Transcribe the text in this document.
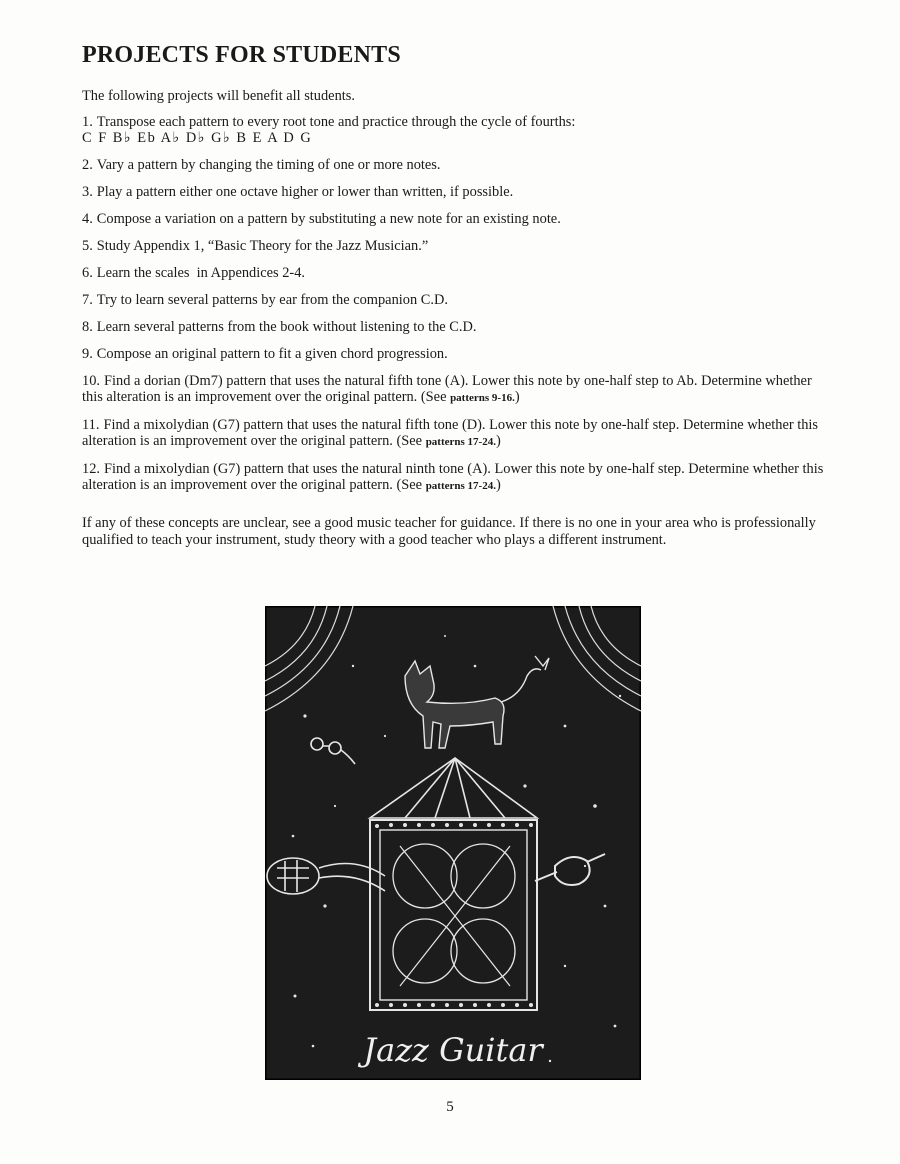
PROJECTS FOR STUDENTS

The following projects will benefit all students.

1. Transpose each pattern to every root tone and practice through the cycle of fourths:
C F B♭ Eb A♭ D♭ G♭ B E A D G

2. Vary a pattern by changing the timing of one or more notes.

3. Play a pattern either one octave higher or lower than written, if possible.

4. Compose a variation on a pattern by substituting a new note for an existing note.

5. Study Appendix 1, “Basic Theory for the Jazz Musician.”

6. Learn the scales  in Appendices 2-4.

7. Try to learn several patterns by ear from the companion C.D.

8. Learn several patterns from the book without listening to the C.D.

9. Compose an original pattern to fit a given chord progression.

10. Find a dorian (Dm7) pattern that uses the natural fifth tone (A). Lower this note by one-half step to Ab. Determine whether this alteration is an improvement over the original pattern. (See patterns 9-16.)

11. Find a mixolydian (G7) pattern that uses the natural fifth tone (D). Lower this note by one-half step. Determine whether this alteration is an improvement over the original pattern. (See patterns 17-24.)

12. Find a mixolydian (G7) pattern that uses the natural ninth tone (A). Lower this note by one-half step. Determine whether this alteration is an improvement over the original pattern. (See patterns 17-24.)

If any of these concepts are unclear, see a good music teacher for guidance. If there is no one in your area who is professionally qualified to teach your instrument, study theory with a good teacher who plays a different instrument.

Jazz Guitar
5
